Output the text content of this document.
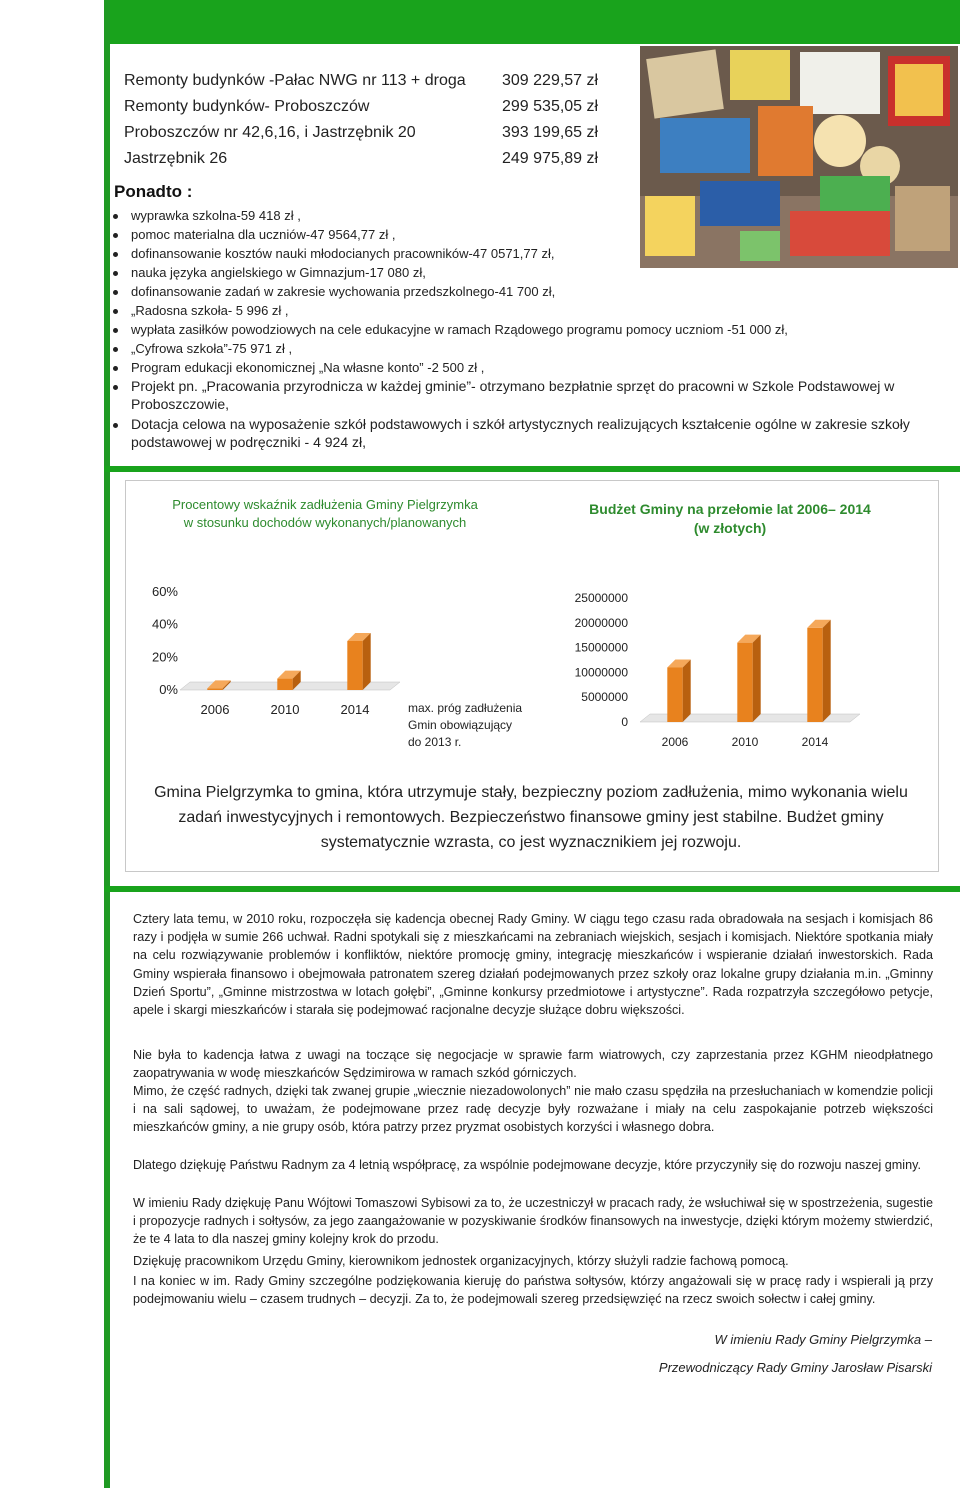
Remonty budynków -Pałac NWG nr 113 + droga 309 229,57 zł
Remonty budynków- Proboszczów	299 535,05 zł
Proboszczów nr 42,6,16, i Jastrzębnik 20	393 199,65 zł
Jastrzębnik 26	249 975,89 zł
Ponadto :
wyprawka szkolna-59 418 zł ,
pomoc materialna dla uczniów-47 9564,77 zł ,
dofinansowanie kosztów nauki młodocianych pracowników-47 0571,77 zł,
nauka języka angielskiego w Gimnazjum-17 080 zł,
dofinansowanie zadań w zakresie wychowania przedszkolnego-41 700 zł,
„Radosna szkoła- 5 996 zł ,
wypłata zasiłków powodziowych na cele edukacyjne w ramach Rządowego programu pomocy uczniom -51 000 zł,
„Cyfrowa szkoła”-75 971 zł ,
Program edukacji ekonomicznej „Na własne konto” -2 500 zł ,
Projekt pn. „Pracowania przyrodnicza w każdej gminie”- otrzymano bezpłatnie sprzęt do pracowni w Szkole Podstawowej w Proboszczowie,
Dotacja celowa na wyposażenie szkół podstawowych i szkół artystycznych realizujących kształcenie ogólne w zakresie szkoły podstawowej w podręczniki - 4 924 zł,
Procentowy wskaźnik zadłużenia Gminy Pielgrzymka
w stosunku dochodów wykonanych/planowanych
Budżet Gminy na przełomie lat 2006– 2014
(w złotych)
0%
20%
40%
60%
2006	2010	2014
0
5000000
10000000
15000000
20000000
25000000
2006	2010	2014
max. próg zadłużenia
Gmin obowiązujący
do 2013 r.
Gmina Pielgrzymka to gmina, która utrzymuje stały, bezpieczny poziom zadłużenia, mimo wykonania wielu zadań inwestycyjnych i remontowych. Bezpieczeństwo finansowe gminy jest stabilne. Budżet gminy systematycznie wzrasta, co jest wyznacznikiem jej rozwoju.

Cztery lata temu, w 2010 roku, rozpoczęła się kadencja obecnej Rady Gminy. W ciągu tego czasu rada obradowała na sesjach i komisjach 86 razy i podjęła w sumie 266 uchwał. Radni spotykali się z mieszkańcami na zebraniach wiejskich, sesjach i komisjach. Niektóre spotkania miały na celu rozwiązywanie problemów i konfliktów, niektóre promocję gminy, integrację mieszkańców i wspieranie działań inwestorskich. Rada Gminy wspierała finansowo i obejmowała patronatem szereg działań podejmowanych przez szkoły oraz lokalne grupy działania m.in. „Gminny Dzień Sportu”, „Gminne mistrzostwa w lotach gołębi”, „Gminne konkursy przedmiotowe i artystyczne”. Rada rozpatrzyła szczegółowo petycje, apele i skargi mieszkańców i starała się podejmować racjonalne decyzje służące dobru większości.

Nie była to kadencja łatwa z uwagi na toczące się negocjacje w sprawie farm wiatrowych, czy zaprzestania przez KGHM nieodpłatnego zaopatrywania w wodę mieszkańców Sędzimirowa w ramach szkód górniczych.

Mimo, że część radnych, dzięki tak zwanej grupie „wiecznie niezadowolonych” nie mało czasu spędziła na przesłuchaniach w komendzie policji i na sali sądowej, to uważam, że podejmowane przez radę decyzje były rozważane i miały na celu zaspokajanie potrzeb większości mieszkańców gminy, a nie grupy osób, która patrzy przez pryzmat osobistych korzyści i własnego dobra.

Dlatego dziękuję Państwu Radnym za 4 letnią współpracę, za wspólnie podejmowane decyzje, które przyczyniły się do rozwoju naszej gminy.

W imieniu Rady dziękuję Panu Wójtowi Tomaszowi Sybisowi za to, że uczestniczył w pracach rady, że wsłuchiwał się w spostrzeżenia, sugestie i propozycje radnych i sołtysów, za jego zaangażowanie w pozyskiwanie środków finansowych na inwestycje, dzięki którym możemy stwierdzić, że te 4 lata to dla naszej gminy kolejny krok do przodu.

Dziękuję pracownikom Urzędu Gminy, kierownikom jednostek organizacyjnych, którzy służyli radzie fachową pomocą.

I na koniec w im. Rady Gminy szczególne podziękowania kieruję do państwa sołtysów, którzy angażowali się w pracę rady i wspierali ją przy podejmowaniu wielu – czasem trudnych – decyzji. Za to, że podejmowali szereg przedsięwzięć na rzecz swoich sołectw i całej gminy.

W imieniu Rady Gminy Pielgrzymka –
Przewodniczący Rady Gminy Jarosław Pisarski
